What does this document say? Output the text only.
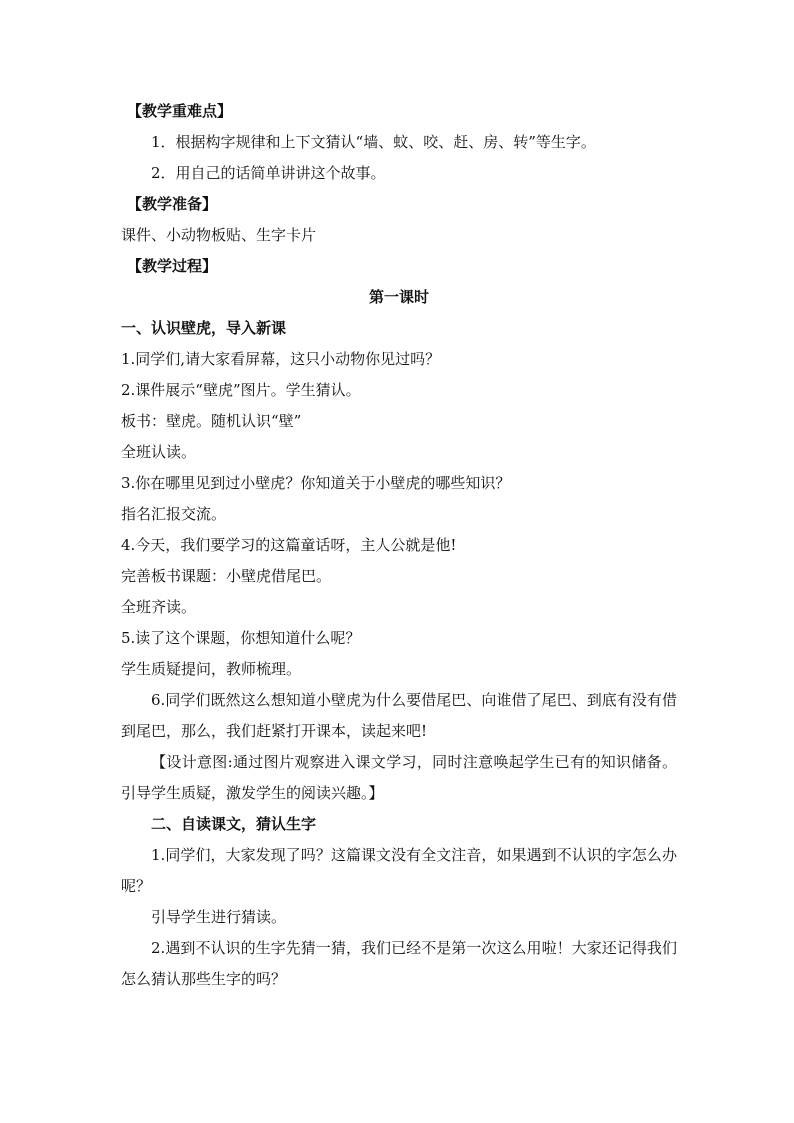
【教学重难点】
1．根据构字规律和上下文猜认“墙、蚊、咬、赶、房、转”等生字。
2．用自己的话简单讲讲这个故事。
【教学准备】
课件、小动物板贴、生字卡片
【教学过程】
第一课时
一、认识壁虎，导入新课
1.同学们,请大家看屏幕，这只小动物你见过吗？
2.课件展示“壁虎”图片。学生猜认。
板书：壁虎。随机认识“壁”
全班认读。
3.你在哪里见到过小壁虎？你知道关于小壁虎的哪些知识？
指名汇报交流。
4.今天，我们要学习的这篇童话呀，主人公就是他!
完善板书课题：小壁虎借尾巴。
全班齐读。
5.读了这个课题，你想知道什么呢？
学生质疑提问，教师梳理。
6.同学们既然这么想知道小壁虎为什么要借尾巴、向谁借了尾巴、到底有没有借到尾巴，那么，我们赶紧打开课本，读起来吧!
【设计意图:通过图片观察进入课文学习，同时注意唤起学生已有的知识储备。引导学生质疑，激发学生的阅读兴趣。】
二、自读课文，猜认生字
1.同学们，大家发现了吗？这篇课文没有全文注音，如果遇到不认识的字怎么办呢？
引导学生进行猜读。
2.遇到不认识的生字先猜一猜，我们已经不是第一次这么用啦！大家还记得我们怎么猜认那些生字的吗？
